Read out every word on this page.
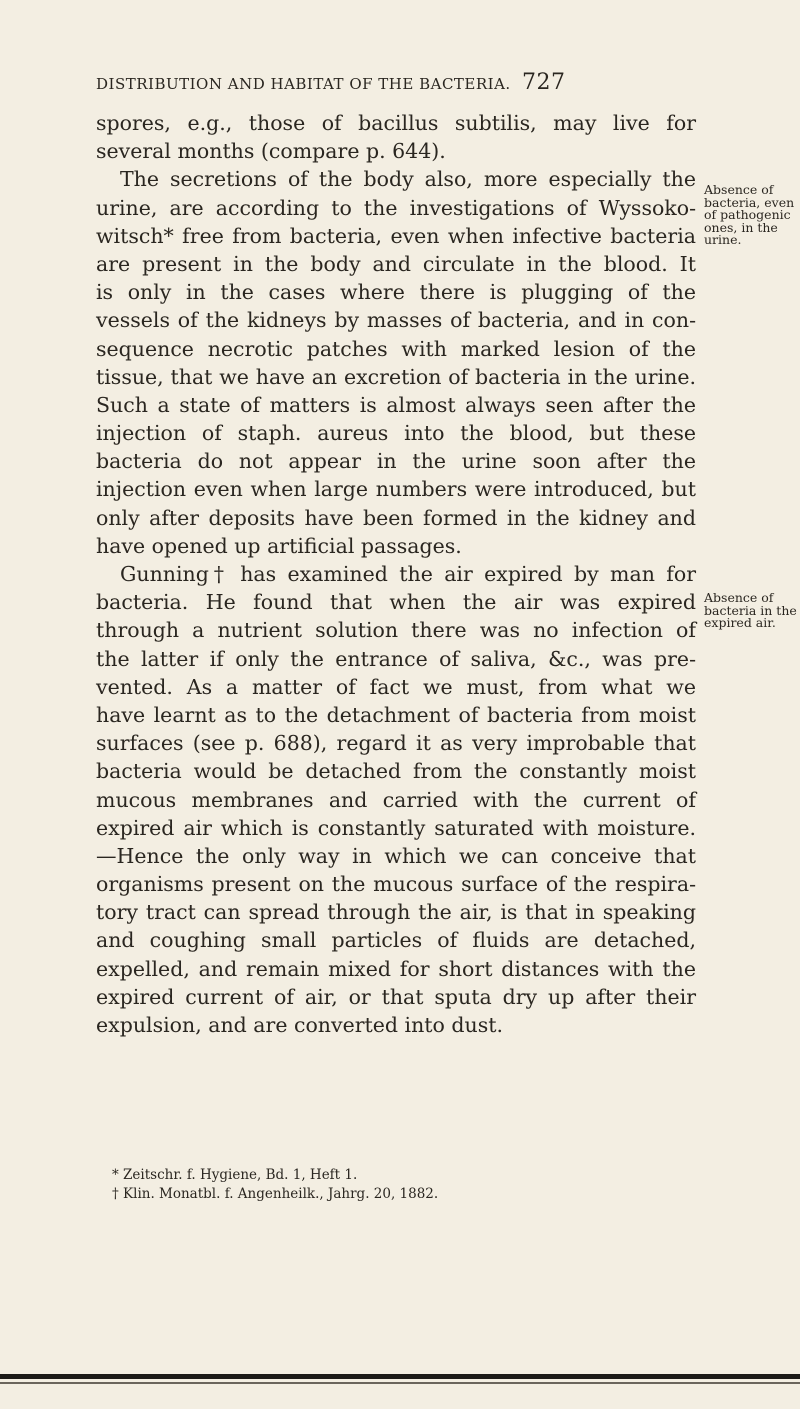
DISTRIBUTION AND HABITAT OF THE BACTERIA. 727
spores, e.g., those of bacillus subtilis, may live for
several months (compare p. 644).
The secretions of the body also, more especially the
urine, are according to the investigations of Wyssoko-
witsch* free from bacteria, even when infective bacteria
are present in the body and circulate in the blood. It
is only in the cases where there is plugging of the
vessels of the kidneys by masses of bacteria, and in con-
sequence necrotic patches with marked lesion of the
tissue, that we have an excretion of bacteria in the urine.
Such a state of matters is almost always seen after the
injection of staph. aureus into the blood, but these
bacteria do not appear in the urine soon after the
injection even when large numbers were introduced, but
only after deposits have been formed in the kidney and
have opened up artificial passages.
Gunning† has examined the air expired by man for
bacteria. He found that when the air was expired
through a nutrient solution there was no infection of
the latter if only the entrance of saliva, &c., was pre-
vented. As a matter of fact we must, from what we
have learnt as to the detachment of bacteria from moist
surfaces (see p. 688), regard it as very improbable that
bacteria would be detached from the constantly moist
mucous membranes and carried with the current of
expired air which is constantly saturated with moisture.
—Hence the only way in which we can conceive that
organisms present on the mucous surface of the respira-
tory tract can spread through the air, is that in speaking
and coughing small particles of fluids are detached,
expelled, and remain mixed for short distances with the
expired current of air, or that sputa dry up after their
expulsion, and are converted into dust.
Absence of
bacteria, even
of pathogenic
ones, in the
urine.
Absence of
bacteria in the
expired air.
* Zeitschr. f. Hygiene, Bd. 1, Heft 1.
† Klin. Monatbl. f. Angenheilk., Jahrg. 20, 1882.
